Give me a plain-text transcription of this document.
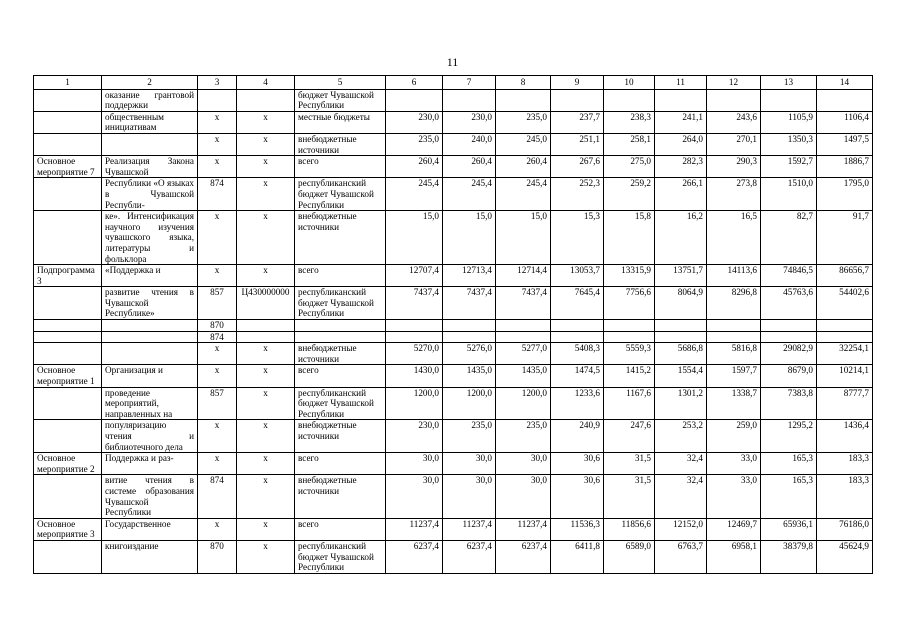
11
1	2	3	4	5	6	7	8	9	10	11	12	13	14
	оказание грантовой поддержки			бюджет Чувашской Республики									
	общественным инициативам	х	х	местные бюджеты	230,0	230,0	235,0	237,7	238,3	241,1	243,6	1105,9	1106,4
		х	х	внебюджетные источники	235,0	240,0	245,0	251,1	258,1	264,0	270,1	1350,3	1497,5
Основное мероприятие 7	Реализация Закона Чувашской	х	х	всего	260,4	260,4	260,4	267,6	275,0	282,3	290,3	1592,7	1886,7
	Республики «О языках в Чувашской Республи-	874	х	республиканский бюджет Чувашской Республики	245,4	245,4	245,4	252,3	259,2	266,1	273,8	1510,0	1795,0
	ке». Интенсификация научного изучения чувашского языка, литературы и фольклора	х	х	внебюджетные источники	15,0	15,0	15,0	15,3	15,8	16,2	16,5	82,7	91,7
Подпрограмма 3	«Поддержка и	х	х	всего	12707,4	12713,4	12714,4	13053,7	13315,9	13751,7	14113,6	74846,5	86656,7
	развитие чтения в Чувашской Республике»	857	Ц430000000	республиканский бюджет Чувашской Республики	7437,4	7437,4	7437,4	7645,4	7756,6	8064,9	8296,8	45763,6	54402,6
		870											
		874											
		х	х	внебюджетные источники	5270,0	5276,0	5277,0	5408,3	5559,3	5686,8	5816,8	29082,9	32254,1
Основное мероприятие 1	Организация и	х	х	всего	1430,0	1435,0	1435,0	1474,5	1415,2	1554,4	1597,7	8679,0	10214,1
	проведение мероприятий, направленных на	857	х	республиканский бюджет Чувашской Республики	1200,0	1200,0	1200,0	1233,6	1167,6	1301,2	1338,7	7383,8	8777,7
	популяризацию чтения и библиотечного дела	х	х	внебюджетные источники	230,0	235,0	235,0	240,9	247,6	253,2	259,0	1295,2	1436,4
Основное мероприятие 2	Поддержка и раз-	х	х	всего	30,0	30,0	30,0	30,6	31,5	32,4	33,0	165,3	183,3
	витие чтения в системе образования Чувашской Республики	874	х	внебюджетные источники	30,0	30,0	30,0	30,6	31,5	32,4	33,0	165,3	183,3
Основное мероприятие 3	Государственное	х	х	всего	11237,4	11237,4	11237,4	11536,3	11856,6	12152,0	12469,7	65936,1	76186,0
	книгоиздание	870	х	республиканский бюджет Чувашской Республики	6237,4	6237,4	6237,4	6411,8	6589,0	6763,7	6958,1	38379,8	45624,9
